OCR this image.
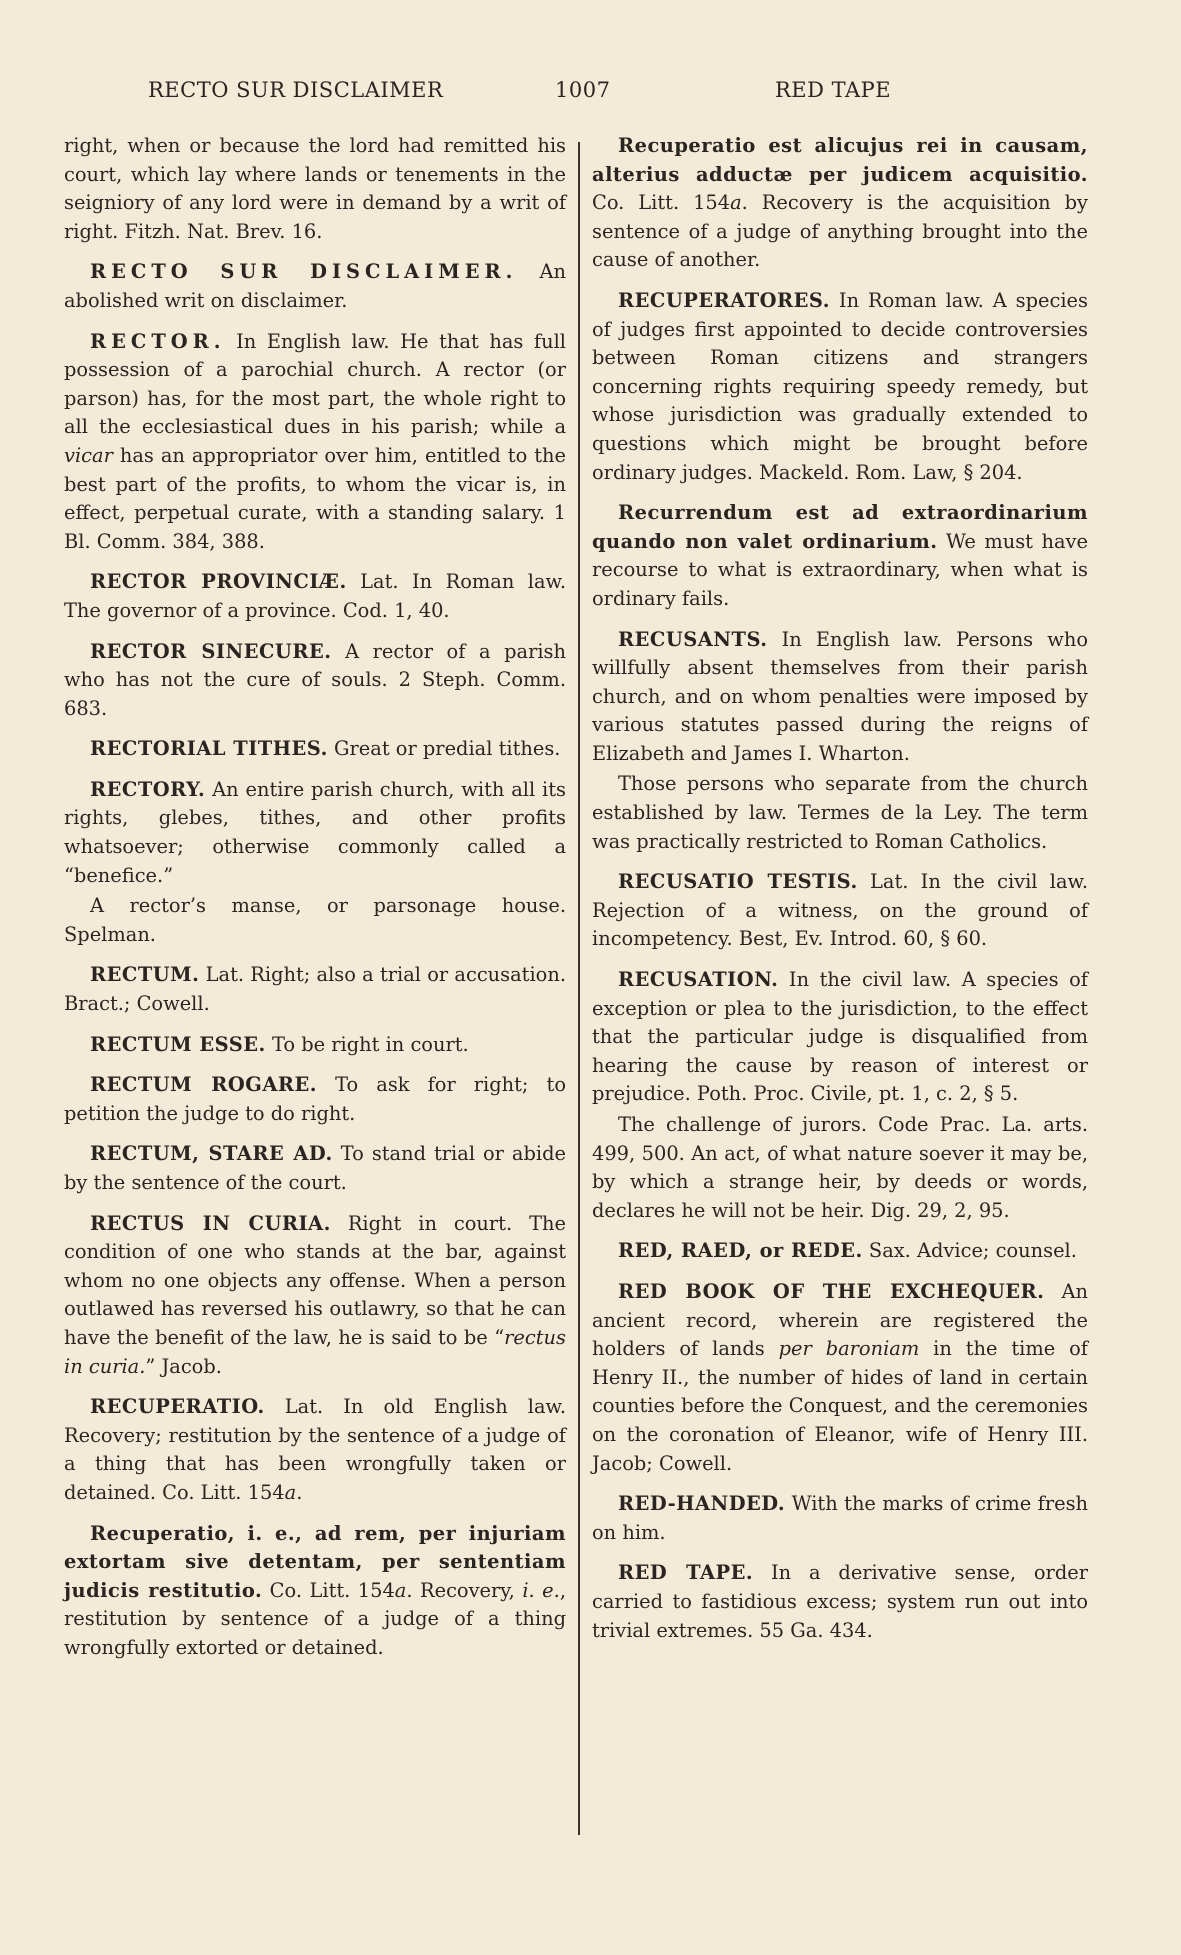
RECTO SUR DISCLAIMER	1007	RED TAPE

right, when or because the lord had remitted his court, which lay where lands or tenements in the seigniory of any lord were in demand by a writ of right. Fitzh. Nat. Brev. 16.

RECTO SUR DISCLAIMER. An abolished writ on disclaimer.

RECTOR. In English law. He that has full possession of a parochial church. A rector (or parson) has, for the most part, the whole right to all the ecclesiastical dues in his parish; while a vicar has an appropriator over him, entitled to the best part of the profits, to whom the vicar is, in effect, perpetual curate, with a standing salary. 1 Bl. Comm. 384, 388.

RECTOR PROVINCIÆ. Lat. In Roman law. The governor of a province. Cod. 1, 40.

RECTOR SINECURE. A rector of a parish who has not the cure of souls. 2 Steph. Comm. 683.

RECTORIAL TITHES. Great or predial tithes.

RECTORY. An entire parish church, with all its rights, glebes, tithes, and other profits whatsoever; otherwise commonly called a “benefice.”

A rector’s manse, or parsonage house. Spelman.

RECTUM. Lat. Right; also a trial or accusation. Bract.; Cowell.

RECTUM ESSE. To be right in court.

RECTUM ROGARE. To ask for right; to petition the judge to do right.

RECTUM, STARE AD. To stand trial or abide by the sentence of the court.

RECTUS IN CURIA. Right in court. The condition of one who stands at the bar, against whom no one objects any offense. When a person outlawed has reversed his outlawry, so that he can have the benefit of the law, he is said to be “rectus in curia.” Jacob.

RECUPERATIO. Lat. In old English law. Recovery; restitution by the sentence of a judge of a thing that has been wrongfully taken or detained. Co. Litt. 154a.

Recuperatio, i. e., ad rem, per injuriam extortam sive detentam, per sententiam judicis restitutio. Co. Litt. 154a. Recovery, i. e., restitution by sentence of a judge of a thing wrongfully extorted or detained.

Recuperatio est alicujus rei in causam, alterius adductæ per judicem acquisitio. Co. Litt. 154a. Recovery is the acquisition by sentence of a judge of anything brought into the cause of another.

RECUPERATORES. In Roman law. A species of judges first appointed to decide controversies between Roman citizens and strangers concerning rights requiring speedy remedy, but whose jurisdiction was gradually extended to questions which might be brought before ordinary judges. Mackeld. Rom. Law, § 204.

Recurrendum est ad extraordinarium quando non valet ordinarium. We must have recourse to what is extraordinary, when what is ordinary fails.

RECUSANTS. In English law. Persons who willfully absent themselves from their parish church, and on whom penalties were imposed by various statutes passed during the reigns of Elizabeth and James I. Wharton.

Those persons who separate from the church established by law. Termes de la Ley. The term was practically restricted to Roman Catholics.

RECUSATIO TESTIS. Lat. In the civil law. Rejection of a witness, on the ground of incompetency. Best, Ev. Introd. 60, § 60.

RECUSATION. In the civil law. A species of exception or plea to the jurisdiction, to the effect that the particular judge is disqualified from hearing the cause by reason of interest or prejudice. Poth. Proc. Civile, pt. 1, c. 2, § 5.

The challenge of jurors. Code Prac. La. arts. 499, 500. An act, of what nature soever it may be, by which a strange heir, by deeds or words, declares he will not be heir. Dig. 29, 2, 95.

RED, RAED, or REDE. Sax. Advice; counsel.

RED BOOK OF THE EXCHEQUER. An ancient record, wherein are registered the holders of lands per baroniam in the time of Henry II., the number of hides of land in certain counties before the Conquest, and the ceremonies on the coronation of Eleanor, wife of Henry III. Jacob; Cowell.

RED-HANDED. With the marks of crime fresh on him.

RED TAPE. In a derivative sense, order carried to fastidious excess; system run out into trivial extremes. 55 Ga. 434.
